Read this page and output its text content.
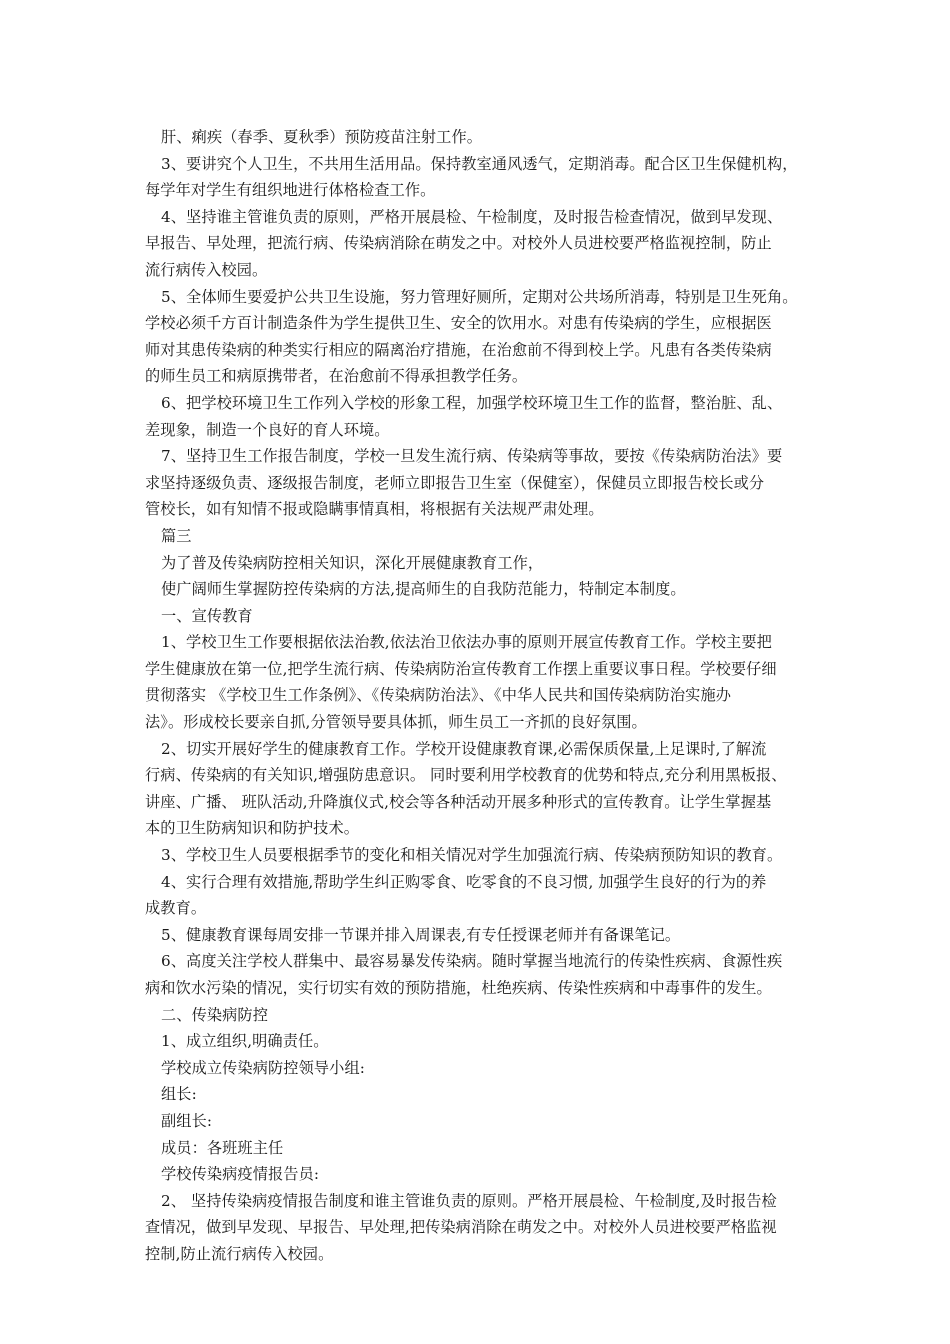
肝、痢疾（春季、夏秋季）预防疫苗注射工作。
3、要讲究个人卫生，不共用生活用品。保持教室通风透气，定期消毒。配合区卫生保健机构，
每学年对学生有组织地进行体格检查工作。
4、坚持谁主管谁负责的原则，严格开展晨检、午检制度，及时报告检查情况，做到早发现、
早报告、早处理，把流行病、传染病消除在萌发之中。对校外人员进校要严格监视控制，防止
流行病传入校园。
5、全体师生要爱护公共卫生设施，努力管理好厕所，定期对公共场所消毒，特别是卫生死角。
学校必须千方百计制造条件为学生提供卫生、安全的饮用水。对患有传染病的学生，应根据医
师对其患传染病的种类实行相应的隔离治疗措施，在治愈前不得到校上学。凡患有各类传染病
的师生员工和病原携带者，在治愈前不得承担教学任务。
6、把学校环境卫生工作列入学校的形象工程，加强学校环境卫生工作的监督，整治脏、乱、
差现象，制造一个良好的育人环境。
7、坚持卫生工作报告制度，学校一旦发生流行病、传染病等事故，要按《传染病防治法》要
求坚持逐级负责、逐级报告制度，老师立即报告卫生室（保健室），保健员立即报告校长或分
管校长，如有知情不报或隐瞒事情真相，将根据有关法规严肃处理。
篇三
为了普及传染病防控相关知识，深化开展健康教育工作，
使广阔师生掌握防控传染病的方法,提高师生的自我防范能力，特制定本制度。
一、宣传教育
1、学校卫生工作要根据依法治教,依法治卫依法办事的原则开展宣传教育工作。学校主要把
学生健康放在第一位,把学生流行病、传染病防治宣传教育工作摆上重要议事日程。学校要仔细
贯彻落实 《学校卫生工作条例》、《传染病防治法》、《中华人民共和国传染病防治实施办
法》。形成校长要亲自抓,分管领导要具体抓，师生员工一齐抓的良好氛围。
2、切实开展好学生的健康教育工作。学校开设健康教育课,必需保质保量,上足课时,了解流
行病、传染病的有关知识,增强防患意识。 同时要利用学校教育的优势和特点,充分利用黑板报、
讲座、广播、 班队活动,升降旗仪式,校会等各种活动开展多种形式的宣传教育。让学生掌握基
本的卫生防病知识和防护技术。
3、学校卫生人员要根据季节的变化和相关情况对学生加强流行病、传染病预防知识的教育。
4、实行合理有效措施,帮助学生纠正购零食、吃零食的不良习惯, 加强学生良好的行为的养
成教育。
5、健康教育课每周安排一节课并排入周课表,有专任授课老师并有备课笔记。
6、高度关注学校人群集中、最容易暴发传染病。随时掌握当地流行的传染性疾病、食源性疾
病和饮水污染的情况，实行切实有效的预防措施，杜绝疾病、传染性疾病和中毒事件的发生。
二、传染病防控
1、成立组织,明确责任。
学校成立传染病防控领导小组:
组长:
副组长:
成员：各班班主任
学校传染病疫情报告员:
2、 坚持传染病疫情报告制度和谁主管谁负责的原则。严格开展晨检、午检制度,及时报告检
查情况，做到早发现、早报告、早处理,把传染病消除在萌发之中。对校外人员进校要严格监视
控制,防止流行病传入校园。
